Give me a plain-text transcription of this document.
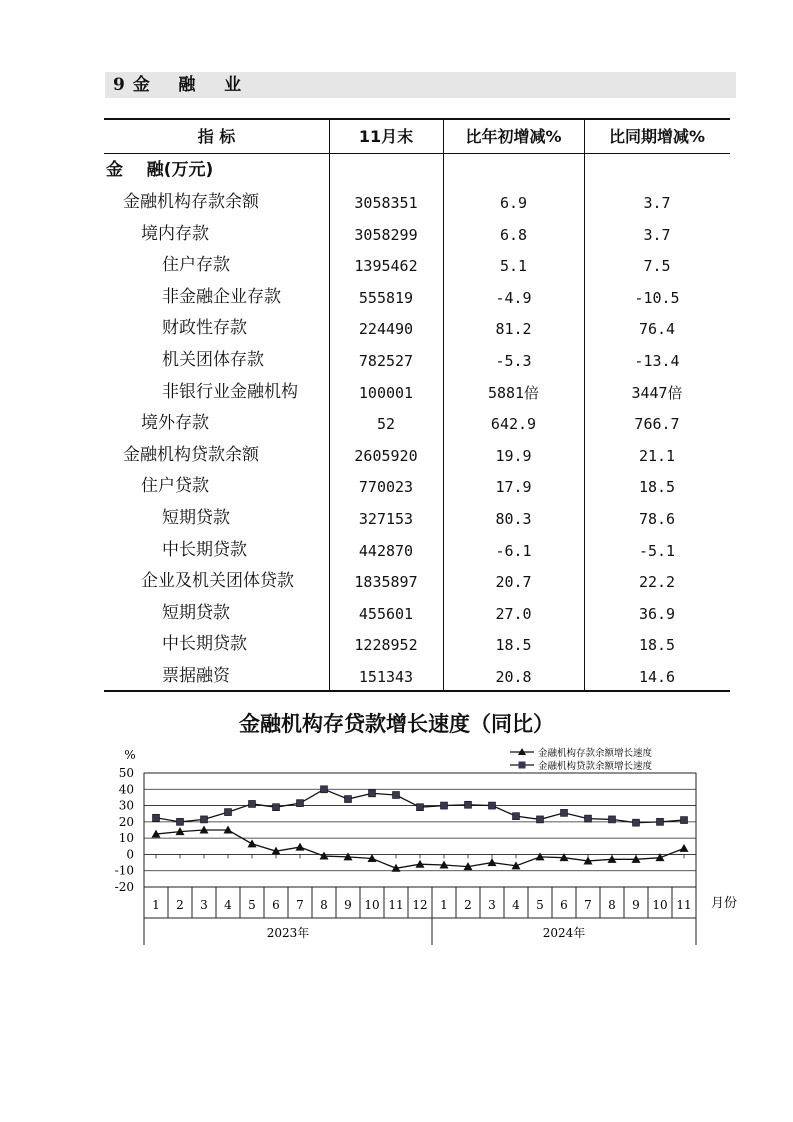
9 金    融    业
指 标	11月末	比年初增减%	比同期增减%
金    融(万元)
金融机构存款余额	3058351	6.9	3.7
境内存款	3058299	6.8	3.7
住户存款	1395462	5.1	7.5
非金融企业存款	555819	-4.9	-10.5
财政性存款	224490	81.2	76.4
机关团体存款	782527	-5.3	-13.4
非银行业金融机构	100001	5881倍	3447倍
境外存款	52	642.9	766.7
金融机构贷款余额	2605920	19.9	21.1
住户贷款	770023	17.9	18.5
短期贷款	327153	80.3	78.6
中长期贷款	442870	-6.1	-5.1
企业及机关团体贷款	1835897	20.7	22.2
短期贷款	455601	27.0	36.9
中长期贷款	1228952	18.5	18.5
票据融资	151343	20.8	14.6
金融机构存贷款增长速度（同比）
50
40
30
20
10
0
-10
-20
%
1 2 3 4 5 6 7 8 9 10 11 12 1 2 3 4 5 6 7 8 9 10 11 月份
2023年	2024年
金融机构存款余额增长速度
金融机构贷款余额增长速度
